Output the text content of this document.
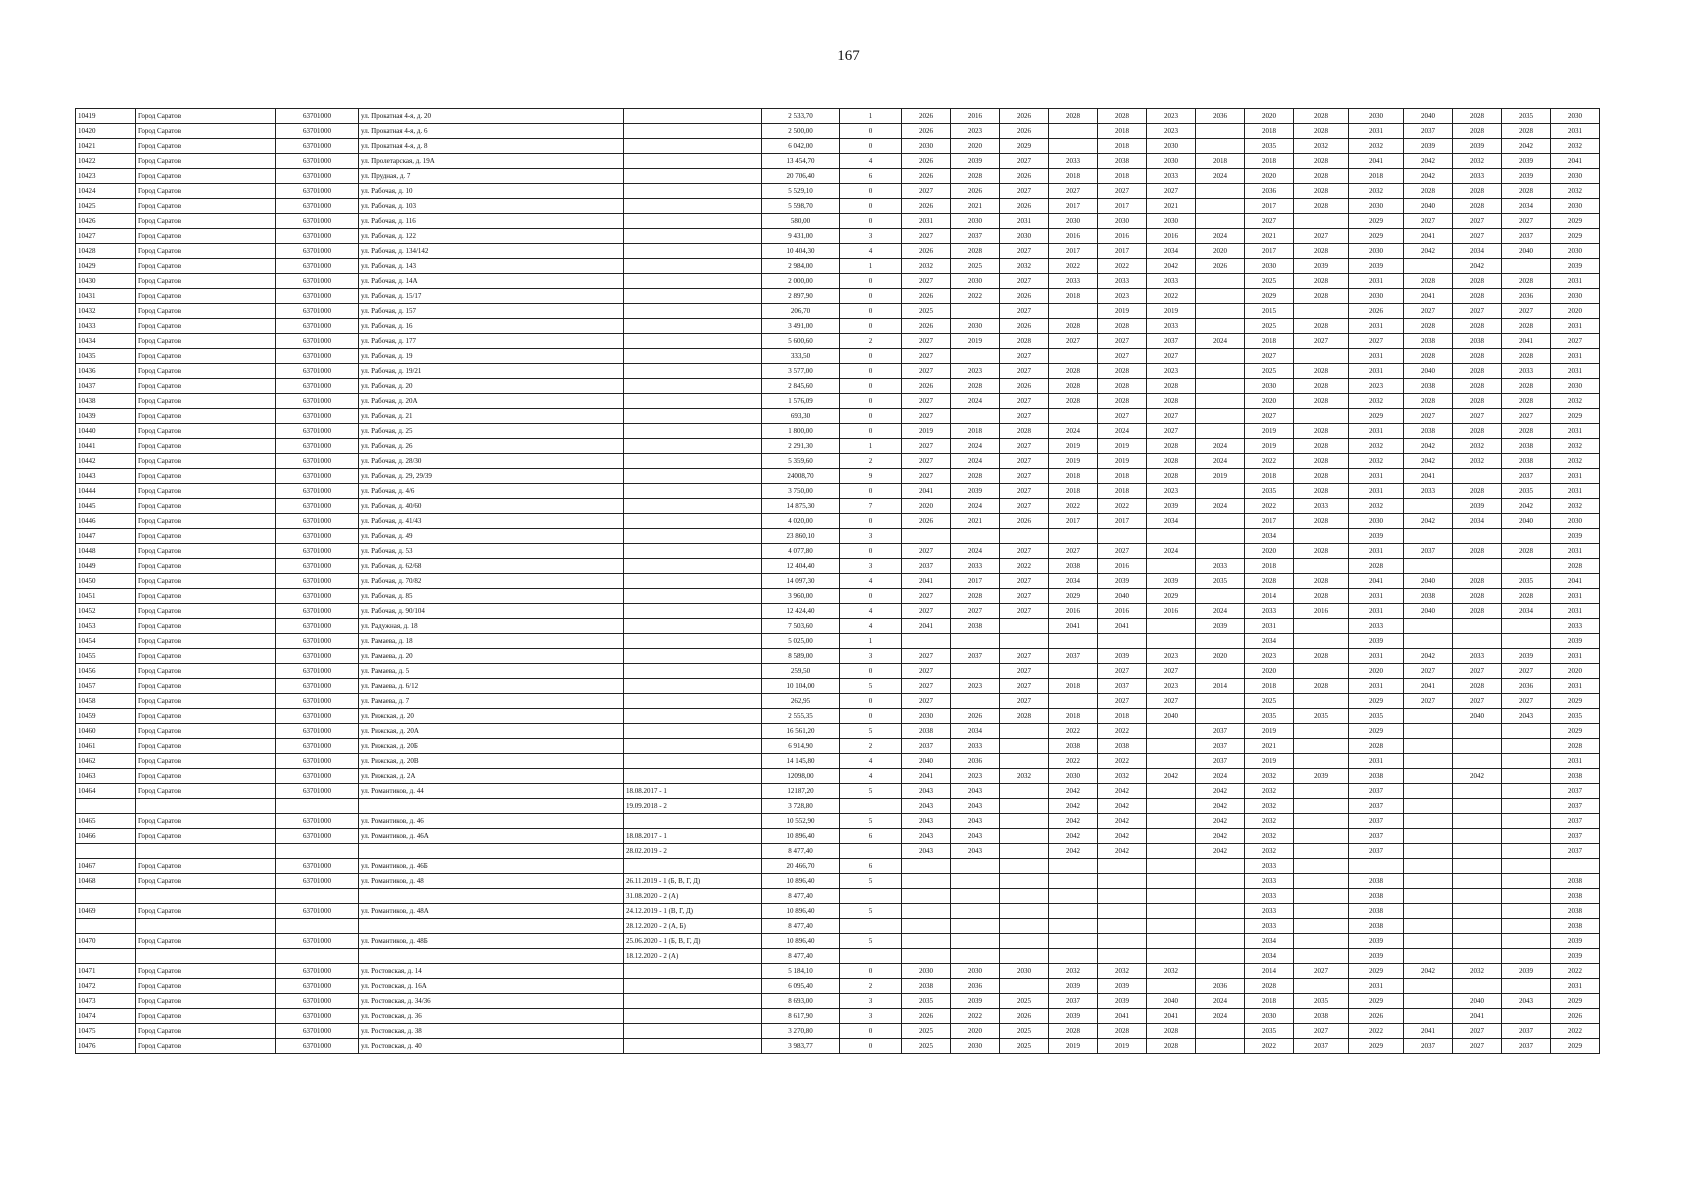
167
10419	Город Саратов	63701000	ул. Прокатная 4-я, д. 20		2 533,70	1	2026	2016	2026	2028	2028	2023	2036	2020	2028	2030	2040	2028	2035	2030
10420	Город Саратов	63701000	ул. Прокатная 4-я, д. 6		2 500,00	0	2026	2023	2026		2018	2023		2018	2028	2031	2037	2028	2028	2031
10421	Город Саратов	63701000	ул. Прокатная 4-я, д. 8		6 042,00	0	2030	2020	2029		2018	2030		2035	2032	2032	2039	2039	2042	2032
10422	Город Саратов	63701000	ул. Пролетарская, д. 19А		13 454,70	4	2026	2039	2027	2033	2038	2030	2018	2018	2028	2041	2042	2032	2039	2041
10423	Город Саратов	63701000	ул. Прудная, д. 7		20 706,40	6	2026	2028	2026	2018	2018	2033	2024	2020	2028	2018	2042	2033	2039	2030
10424	Город Саратов	63701000	ул. Рабочая, д. 10		5 529,10	0	2027	2026	2027	2027	2027	2027		2036	2028	2032	2028	2028	2028	2032
10425	Город Саратов	63701000	ул. Рабочая, д. 103		5 598,70	0	2026	2021	2026	2017	2017	2021		2017	2028	2030	2040	2028	2034	2030
10426	Город Саратов	63701000	ул. Рабочая, д. 116		580,00	0	2031	2030	2031	2030	2030	2030		2027		2029	2027	2027	2027	2029
10427	Город Саратов	63701000	ул. Рабочая, д. 122		9 431,00	3	2027	2037	2030	2016	2016	2016	2024	2021	2027	2029	2041	2027	2037	2029
10428	Город Саратов	63701000	ул. Рабочая, д. 134/142		10 404,30	4	2026	2028	2027	2017	2017	2034	2020	2017	2028	2030	2042	2034	2040	2030
10429	Город Саратов	63701000	ул. Рабочая, д. 143		2 984,00	1	2032	2025	2032	2022	2022	2042	2026	2030	2039	2039		2042		2039
10430	Город Саратов	63701000	ул. Рабочая, д. 14А		2 000,00	0	2027	2030	2027	2033	2033	2033		2025	2028	2031	2028	2028	2028	2031
10431	Город Саратов	63701000	ул. Рабочая, д. 15/17		2 897,90	0	2026	2022	2026	2018	2023	2022		2029	2028	2030	2041	2028	2036	2030
10432	Город Саратов	63701000	ул. Рабочая, д. 157		206,70	0	2025		2027		2019	2019		2015		2026	2027	2027	2027	2020
10433	Город Саратов	63701000	ул. Рабочая, д. 16		3 491,00	0	2026	2030	2026	2028	2028	2033		2025	2028	2031	2028	2028	2028	2031
10434	Город Саратов	63701000	ул. Рабочая, д. 177		5 600,60	2	2027	2019	2028	2027	2027	2037	2024	2018	2027	2027	2038	2038	2041	2027
10435	Город Саратов	63701000	ул. Рабочая, д. 19		333,50	0	2027		2027		2027	2027		2027		2031	2028	2028	2028	2031
10436	Город Саратов	63701000	ул. Рабочая, д. 19/21		3 577,00	0	2027	2023	2027	2028	2028	2023		2025	2028	2031	2040	2028	2033	2031
10437	Город Саратов	63701000	ул. Рабочая, д. 20		2 845,60	0	2026	2028	2026	2028	2028	2028		2030	2028	2023	2038	2028	2028	2030
10438	Город Саратов	63701000	ул. Рабочая, д. 20А		1 576,09	0	2027	2024	2027	2028	2028	2028		2020	2028	2032	2028	2028	2028	2032
10439	Город Саратов	63701000	ул. Рабочая, д. 21		693,30	0	2027		2027		2027	2027		2027		2029	2027	2027	2027	2029
10440	Город Саратов	63701000	ул. Рабочая, д. 25		1 800,00	0	2019	2018	2028	2024	2024	2027		2019	2028	2031	2038	2028	2028	2031
10441	Город Саратов	63701000	ул. Рабочая, д. 26		2 291,30	1	2027	2024	2027	2019	2019	2028	2024	2019	2028	2032	2042	2032	2038	2032
10442	Город Саратов	63701000	ул. Рабочая, д. 28/30		5 359,60	2	2027	2024	2027	2019	2019	2028	2024	2022	2028	2032	2042	2032	2038	2032
10443	Город Саратов	63701000	ул. Рабочая, д. 29, 29/39		24008,70	9	2027	2028	2027	2018	2018	2028	2019	2018	2028	2031	2041		2037	2031
10444	Город Саратов	63701000	ул. Рабочая, д. 4/6		3 750,00	0	2041	2039	2027	2018	2018	2023		2035	2028	2031	2033	2028	2035	2031
10445	Город Саратов	63701000	ул. Рабочая, д. 40/60		14 875,30	7	2020	2024	2027	2022	2022	2039	2024	2022	2033	2032		2039	2042	2032
10446	Город Саратов	63701000	ул. Рабочая, д. 41/43		4 020,00	0	2026	2021	2026	2017	2017	2034		2017	2028	2030	2042	2034	2040	2030
10447	Город Саратов	63701000	ул. Рабочая, д. 49		23 860,10	3								2034		2039				2039
10448	Город Саратов	63701000	ул. Рабочая, д. 53		4 077,80	0	2027	2024	2027	2027	2027	2024		2020	2028	2031	2037	2028	2028	2031
10449	Город Саратов	63701000	ул. Рабочая, д. 62/68		12 404,40	3	2037	2033	2022	2038	2016		2033	2018		2028				2028
10450	Город Саратов	63701000	ул. Рабочая, д. 70/82		14 097,30	4	2041	2017	2027	2034	2039	2039	2035	2028	2028	2041	2040	2028	2035	2041
10451	Город Саратов	63701000	ул. Рабочая, д. 85		3 960,00	0	2027	2028	2027	2029	2040	2029		2014	2028	2031	2038	2028	2028	2031
10452	Город Саратов	63701000	ул. Рабочая, д. 90/104		12 424,40	4	2027	2027	2027	2016	2016	2016	2024	2033	2016	2031	2040	2028	2034	2031
10453	Город Саратов	63701000	ул. Радужная, д. 18		7 503,60	4	2041	2038		2041	2041		2039	2031		2033				2033
10454	Город Саратов	63701000	ул. Рамаева, д. 18		5 025,00	1								2034		2039				2039
10455	Город Саратов	63701000	ул. Рамаева, д. 20		8 589,00	3	2027	2037	2027	2037	2039	2023	2020	2023	2028	2031	2042	2033	2039	2031
10456	Город Саратов	63701000	ул. Рамаева, д. 5		259,50	0	2027		2027		2027	2027		2020		2020	2027	2027	2027	2020
10457	Город Саратов	63701000	ул. Рамаева, д. 6/12		10 104,00	5	2027	2023	2027	2018	2037	2023	2014	2018	2028	2031	2041	2028	2036	2031
10458	Город Саратов	63701000	ул. Рамаева, д. 7		262,95	0	2027		2027		2027	2027		2025		2029	2027	2027	2027	2029
10459	Город Саратов	63701000	ул. Рижская, д. 20		2 555,35	0	2030	2026	2028	2018	2018	2040		2035	2035	2035		2040	2043	2035
10460	Город Саратов	63701000	ул. Рижская, д. 20А		16 561,20	5	2038	2034		2022	2022		2037	2019		2029				2029
10461	Город Саратов	63701000	ул. Рижская, д. 20Б		6 914,90	2	2037	2033		2038	2038		2037	2021		2028				2028
10462	Город Саратов	63701000	ул. Рижская, д. 20В		14 145,80	4	2040	2036		2022	2022		2037	2019		2031				2031
10463	Город Саратов	63701000	ул. Рижская, д. 2А		12098,00	4	2041	2023	2032	2030	2032	2042	2024	2032	2039	2038		2042		2038
10464	Город Саратов	63701000	ул. Романтиков, д. 44	18.08.2017 - 1	12187,20	5	2043	2043		2042	2042		2042	2032		2037				2037
				19.09.2018 - 2	3 728,80		2043	2043		2042	2042		2042	2032		2037				2037
10465	Город Саратов	63701000	ул. Романтиков, д. 46		10 552,90	5	2043	2043		2042	2042		2042	2032		2037				2037
10466	Город Саратов	63701000	ул. Романтиков, д. 46А	18.08.2017 - 1	10 896,40	6	2043	2043		2042	2042		2042	2032		2037				2037
				28.02.2019 - 2	8 477,40		2043	2043		2042	2042		2042	2032		2037				2037
10467	Город Саратов	63701000	ул. Романтиков, д. 46Б		20 466,70	6								2033						
10468	Город Саратов	63701000	ул. Романтиков, д. 48	26.11.2019 - 1 (Б, В, Г, Д)	10 896,40	5								2033		2038				2038
				31.08.2020 - 2 (А)	8 477,40									2033		2038				2038
10469	Город Саратов	63701000	ул. Романтиков, д. 48А	24.12.2019 - 1 (В, Г, Д)	10 896,40	5								2033		2038				2038
				28.12.2020 - 2 (А, Б)	8 477,40									2033		2038				2038
10470	Город Саратов	63701000	ул. Романтиков, д. 48Б	25.06.2020 - 1 (Б, В, Г, Д)	10 896,40	5								2034		2039				2039
				18.12.2020 - 2 (А)	8 477,40									2034		2039				2039
10471	Город Саратов	63701000	ул. Ростовская, д. 14		5 184,10	0	2030	2030	2030	2032	2032	2032		2014	2027	2029	2042	2032	2039	2022
10472	Город Саратов	63701000	ул. Ростовская, д. 16А		6 095,40	2	2038	2036		2039	2039		2036	2028		2031				2031
10473	Город Саратов	63701000	ул. Ростовская, д. 34/36		8 693,00	3	2035	2039	2025	2037	2039	2040	2024	2018	2035	2029		2040	2043	2029
10474	Город Саратов	63701000	ул. Ростовская, д. 36		8 617,90	3	2026	2022	2026	2039	2041	2041	2024	2030	2038	2026		2041		2026
10475	Город Саратов	63701000	ул. Ростовская, д. 38		3 270,80	0	2025	2020	2025	2028	2028	2028		2035	2027	2022	2041	2027	2037	2022
10476	Город Саратов	63701000	ул. Ростовская, д. 40		3 983,77	0	2025	2030	2025	2019	2019	2028		2022	2037	2029	2037	2027	2037	2029
